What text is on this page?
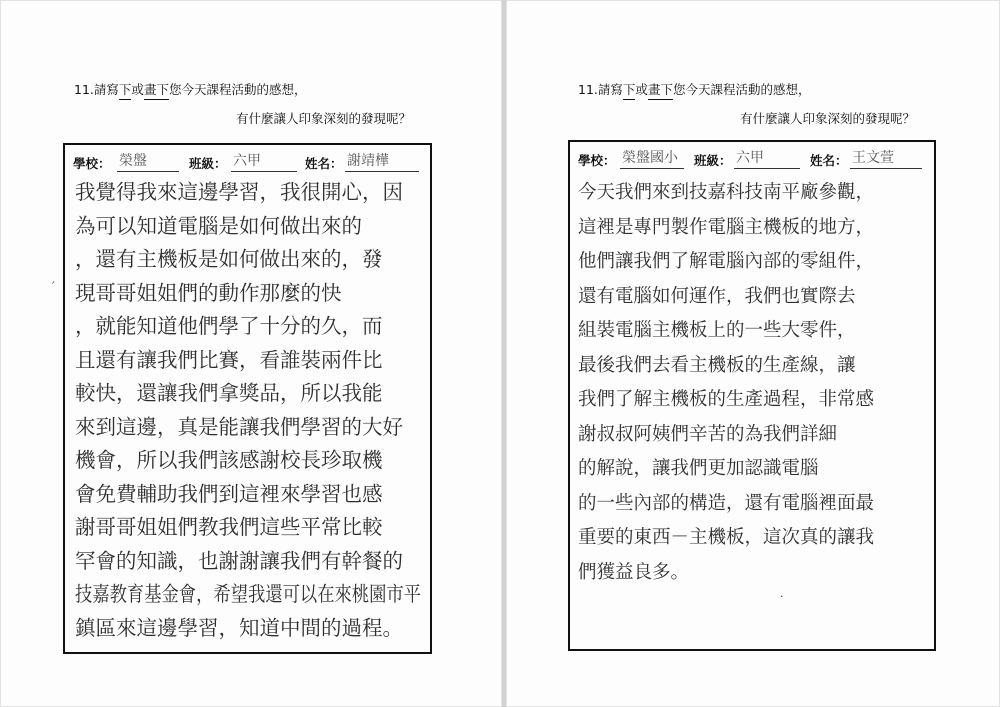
11.請寫下或畫下您今天課程活動的感想，
有什麼讓人印象深刻的發現呢？
學校： 榮盤	班級： 六甲	姓名： 謝靖樺
我覺得我來這邊學習，我很開心，因
為可以知道電腦是如何做出來的
，還有主機板是如何做出來的，發
現哥哥姐姐們的動作那麼的快
，就能知道他們學了十分的久，而
且還有讓我們比賽，看誰裝兩件比
較快，還讓我們拿獎品，所以我能
來到這邊，真是能讓我們學習的大好
機會，所以我們該感謝校長珍取機
會免費輔助我們到這裡來學習也感
謝哥哥姐姐們教我們這些平常比較
罕會的知識，也謝謝讓我們有幹餐的
技嘉教育基金會，希望我還可以在來桃園市平
鎮區來這邊學習，知道中間的過程。
ˊ
11.請寫下或畫下您今天課程活動的感想，
有什麼讓人印象深刻的發現呢？
學校： 榮盤國小 班級： 六甲	姓名： 王文萱
今天我們來到技嘉科技南平廠參觀，
這裡是專門製作電腦主機板的地方，
他們讓我們了解電腦內部的零組件，
還有電腦如何運作，我們也實際去
組裝電腦主機板上的一些大零件，
最後我們去看主機板的生產線，讓
我們了解主機板的生產過程，非常感
謝叔叔阿姨們辛苦的為我們詳細
的解說，讓我們更加認識電腦
的一些內部的構造，還有電腦裡面最
重要的東西－主機板，這次真的讓我
們獲益良多。
·
